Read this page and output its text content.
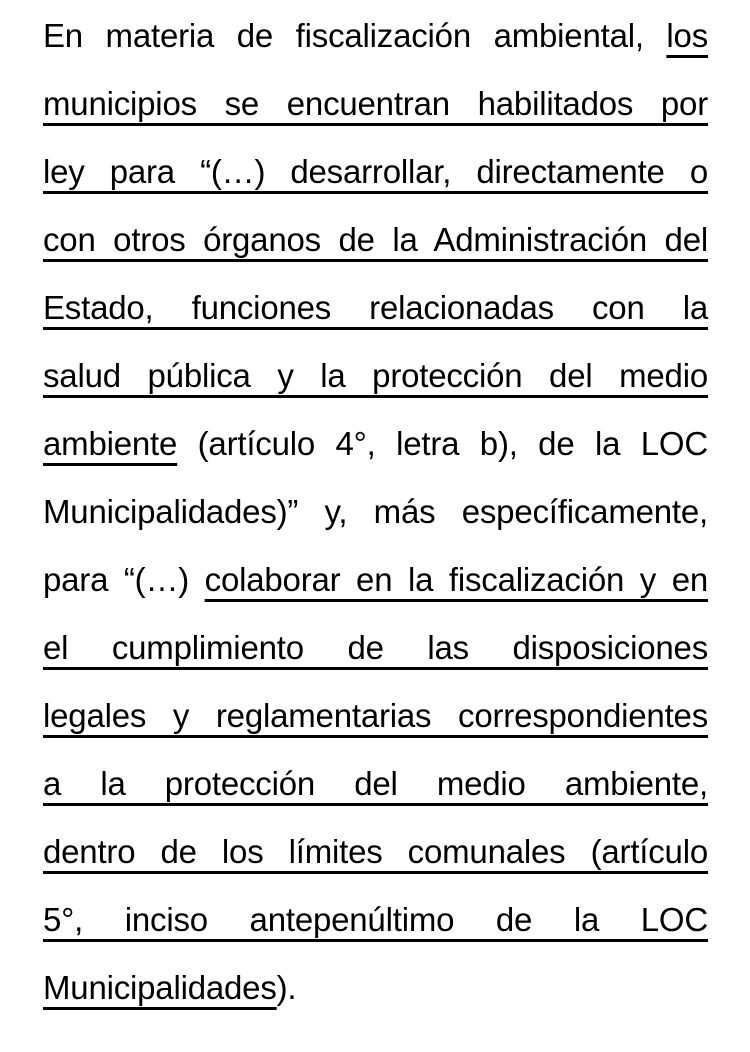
En materia de fiscalización ambiental, los
municipios se encuentran habilitados por
ley para “(…) desarrollar, directamente o
con otros órganos de la Administración del
Estado, funciones relacionadas con la
salud pública y la protección del medio
ambiente (artículo 4°, letra b), de la LOC
Municipalidades)” y, más específicamente,
para “(…) colaborar en la fiscalización y en
el cumplimiento de las disposiciones
legales y reglamentarias correspondientes
a la protección del medio ambiente,
dentro de los límites comunales (artículo
5°, inciso antepenúltimo de la LOC
Municipalidades).
